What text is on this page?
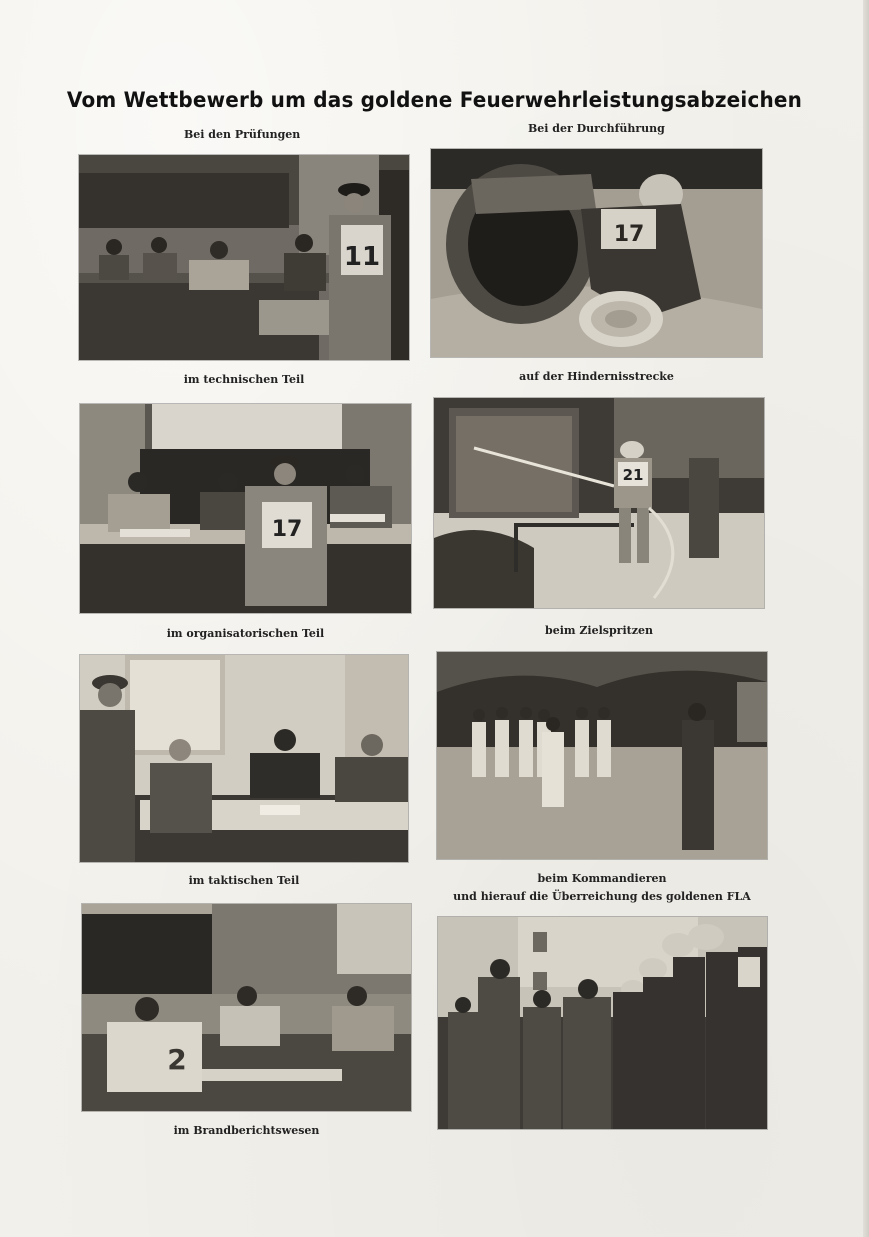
Vom Wettbewerb um das goldene Feuerwehrleistungsabzeichen
Bei den Prüfungen	Bei der Durchführung
11
im technischen Teil
17
auf der Hindernisstrecke
17
im organisatorischen Teil
21
beim Zielspritzen
im taktischen Teil	beim Kommandieren
und hierauf die Überreichung des goldenen FLA
2
im Brandberichtswesen
